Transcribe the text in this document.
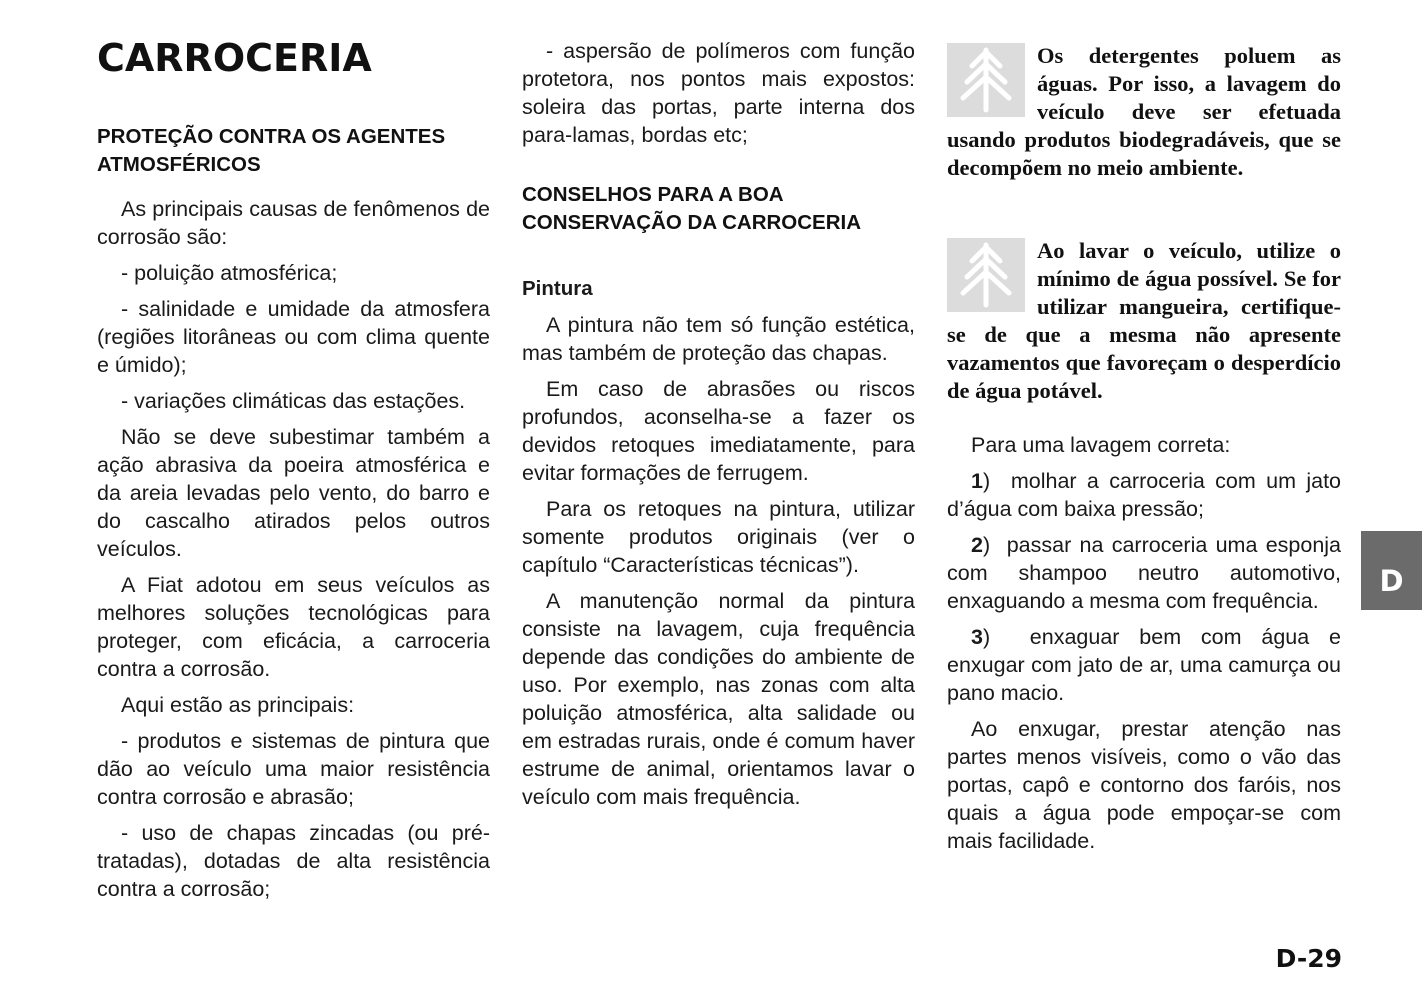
CARROCERIA
PROTEÇÃO CONTRA OS AGENTES ATMOSFÉRICOS

As principais causas de fenômenos de corrosão são:

- poluição atmosférica;

- salinidade e umidade da atmosfera (regiões litorâneas ou com clima quente e úmido);

- variações climáticas das estações.

Não se deve subestimar também a ação abrasiva da poeira atmosférica e da areia levadas pelo vento, do barro e do cascalho atirados pelos outros veículos.

A Fiat adotou em seus veículos as melhores soluções tecnológicas para proteger, com eficácia, a carroceria contra a corrosão.

Aqui estão as principais:

- produtos e sistemas de pintura que dão ao veículo uma maior resistência contra corrosão e abrasão;

- uso de chapas zincadas (ou pré-tratadas), dotadas de alta resistência contra a corrosão;

- aspersão de polímeros com função protetora, nos pontos mais expostos: soleira das portas, parte interna dos para-lamas, bordas etc;

CONSELHOS PARA A BOA CONSERVAÇÃO DA CARROCERIA
Pintura

A pintura não tem só função estética, mas também de proteção das chapas.

Em caso de abrasões ou riscos profundos, aconselha-se a fazer os devidos retoques imediatamente, para evitar formações de ferrugem.

Para os retoques na pintura, utilizar somente produtos originais (ver o capítulo “Características técnicas”).

A manutenção normal da pintura consiste na lavagem, cuja frequência depende das condições do ambiente de uso. Por exemplo, nas zonas com alta poluição atmosférica, alta salidade ou em estradas rurais, onde é comum haver estrume de animal, orientamos lavar o veículo com mais frequência.

Os detergentes poluem as águas. Por isso, a lavagem do veículo deve ser efetuada usando produtos biodegradáveis, que se decompõem no meio ambiente.
Ao lavar o veículo, utilize o mínimo de água possível. Se for utilizar mangueira, certifique-se de que a mesma não apresente vazamentos que favoreçam o desperdício de água potável.

Para uma lavagem correta:

1)  molhar a carroceria com um jato d’água com baixa pressão;

2)  passar na carroceria uma esponja com shampoo neutro automotivo, enxaguando a mesma com frequência.

3)  enxaguar bem com água e enxugar com jato de ar, uma camurça ou pano macio.

Ao enxugar, prestar atenção nas partes menos visíveis, como o vão das portas, capô e contorno dos faróis, nos quais a água pode empoçar-se com mais facilidade.

D
D-29
